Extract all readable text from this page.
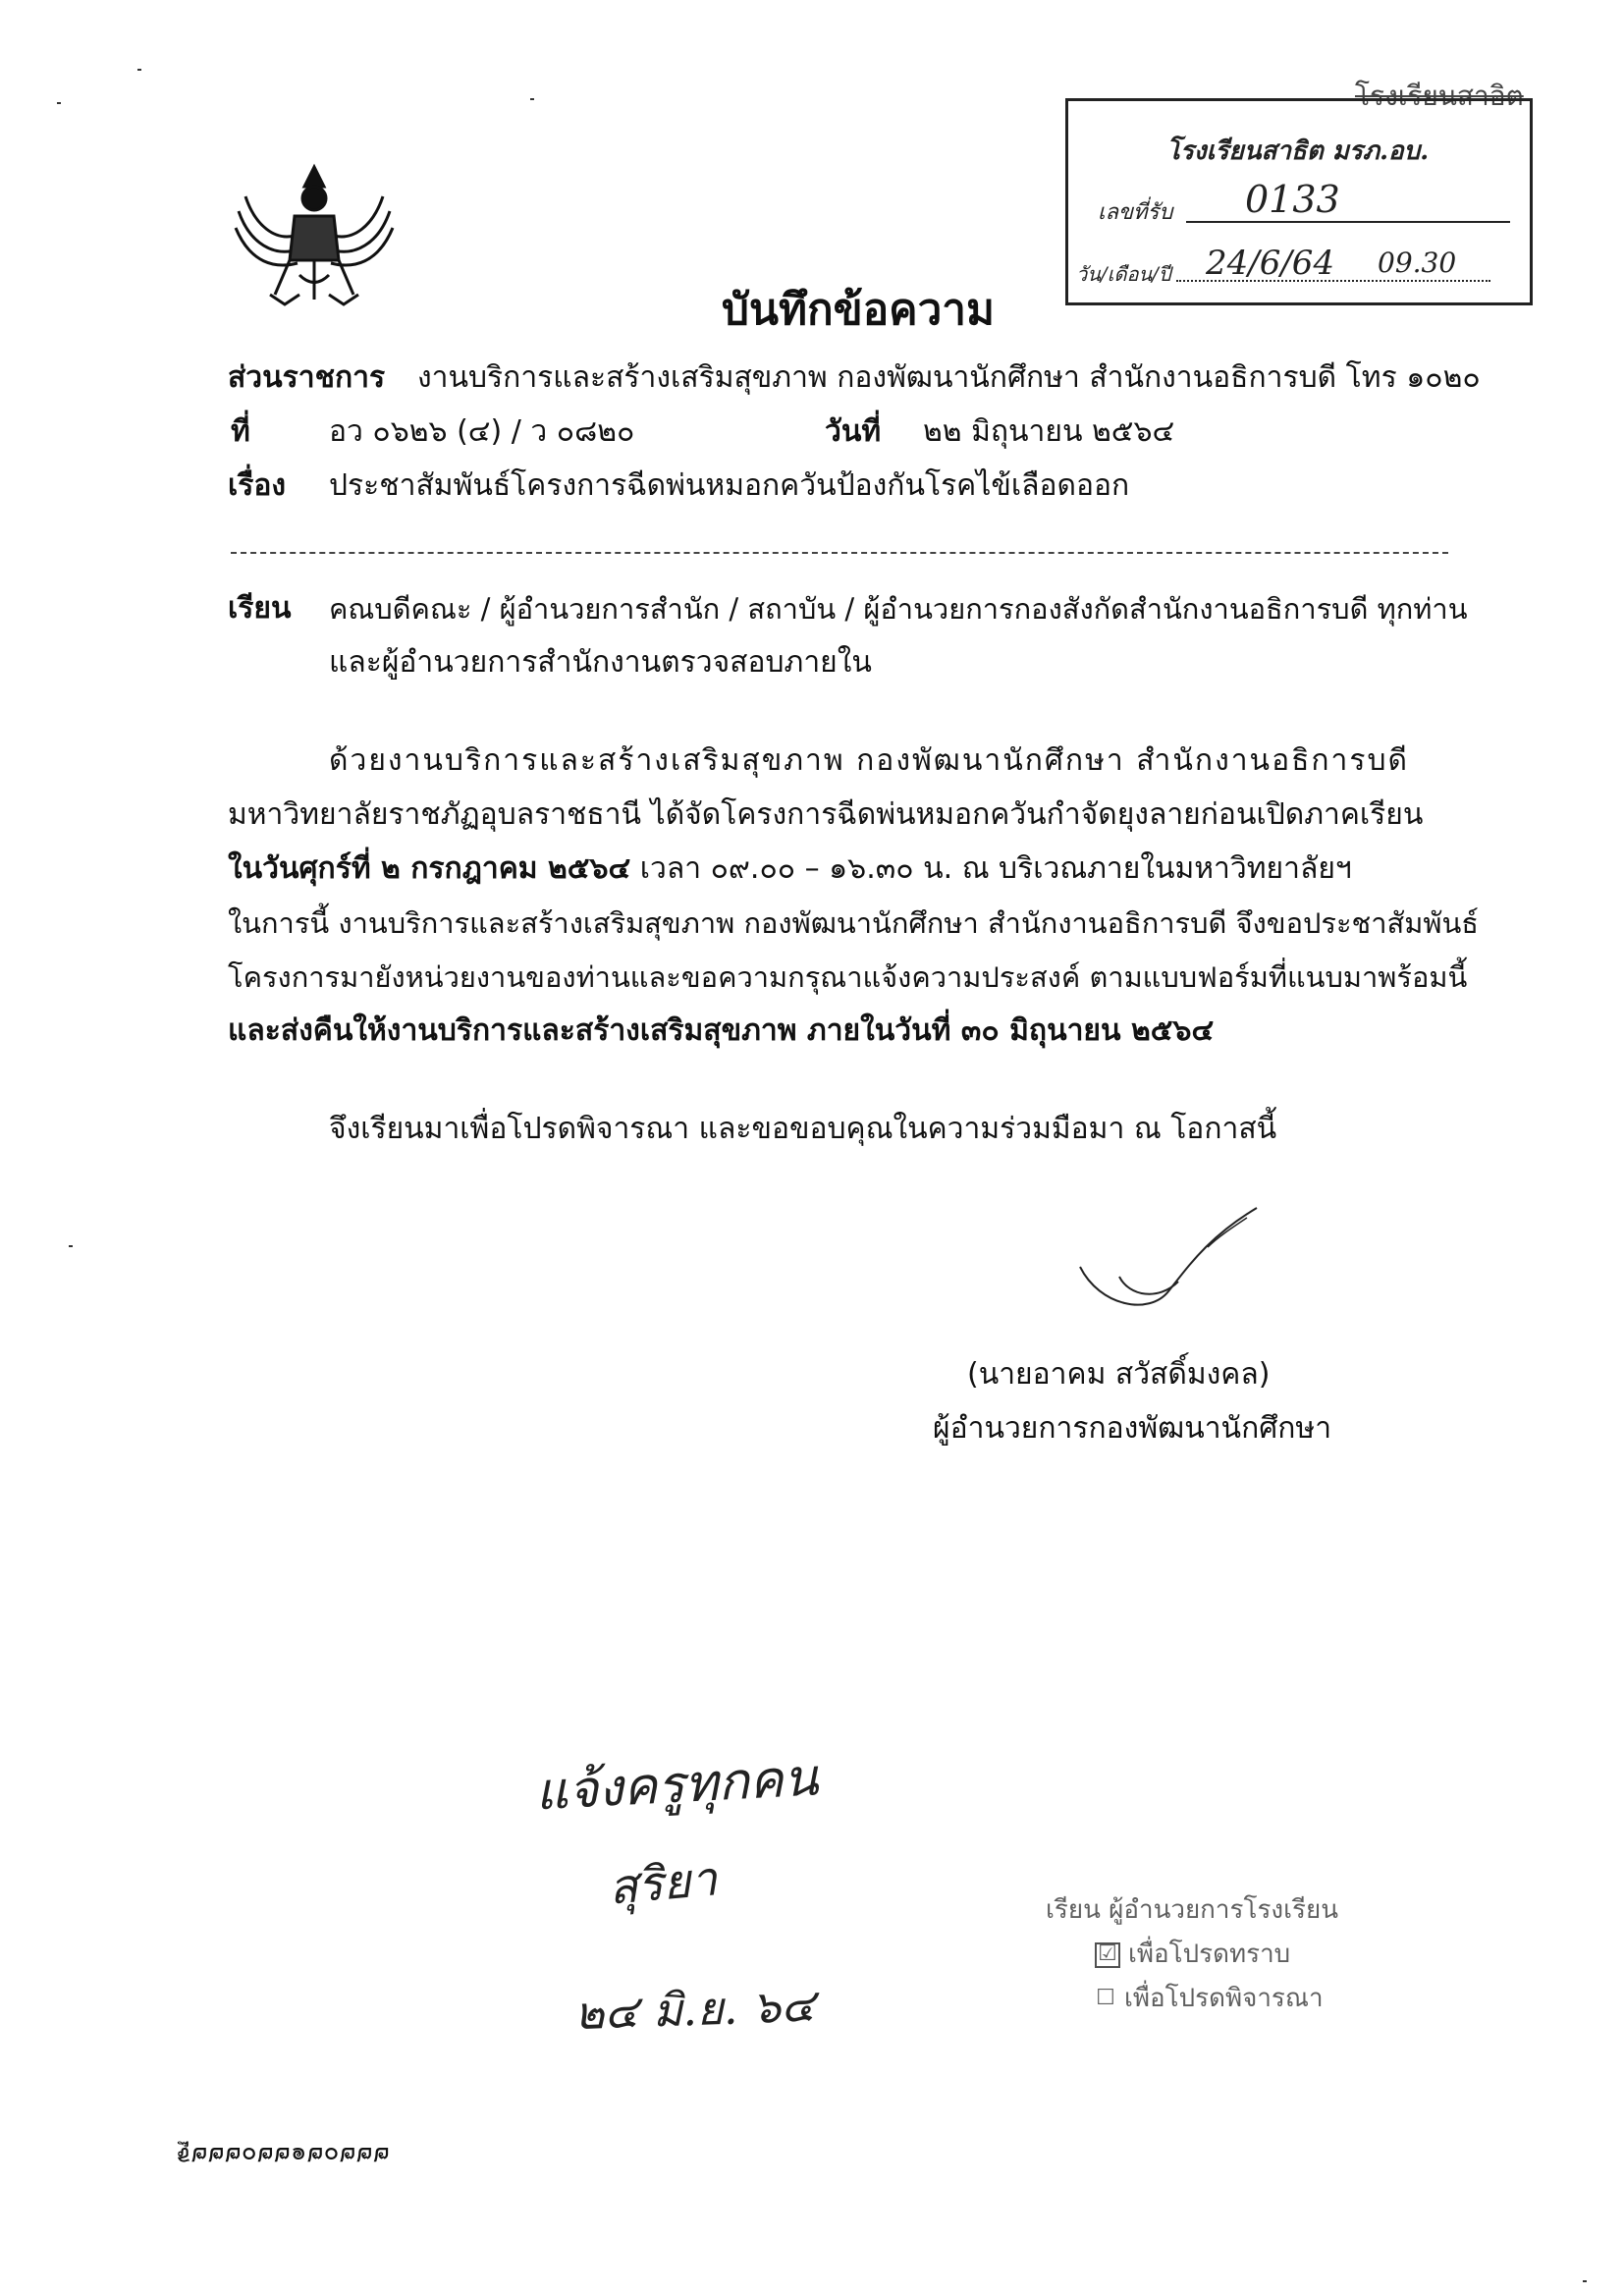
โรงเรียนสาอิต
โรงเรียนสาธิต มรภ.อบ.
เลขที่รับ 0133
วัน/เดือน/ปี 24/6/64 09.30
บันทึกข้อความ
ส่วนราชการ งานบริการและสร้างเสริมสุขภาพ กองพัฒนานักศึกษา สำนักงานอธิการบดี โทร ๑๐๒๐
ที่	อว ๐๖๒๖ (๔) / ว ๐๘๒๐	วันที่ ๒๒ มิถุนายน ๒๕๖๔
เรื่อง ประชาสัมพันธ์โครงการฉีดพ่นหมอกควันป้องกันโรคไข้เลือดออก
เรียน คณบดีคณะ / ผู้อำนวยการสำนัก / สถาบัน / ผู้อำนวยการกองสังกัดสำนักงานอธิการบดี ทุกท่าน
และผู้อำนวยการสำนักงานตรวจสอบภายใน
ด้วยงานบริการและสร้างเสริมสุขภาพ กองพัฒนานักศึกษา สำนักงานอธิการบดี
มหาวิทยาลัยราชภัฏอุบลราชธานี ได้จัดโครงการฉีดพ่นหมอกควันกำจัดยุงลายก่อนเปิดภาคเรียน
ในวันศุกร์ที่ ๒ กรกฎาคม ๒๕๖๔ เวลา ๐๙.๐๐ – ๑๖.๓๐ น. ณ บริเวณภายในมหาวิทยาลัยฯ
ในการนี้ งานบริการและสร้างเสริมสุขภาพ กองพัฒนานักศึกษา สำนักงานอธิการบดี จึงขอประชาสัมพันธ์
โครงการมายังหน่วยงานของท่านและขอความกรุณาแจ้งความประสงค์ ตามแบบฟอร์มที่แนบมาพร้อมนี้
และส่งคืนให้งานบริการและสร้างเสริมสุขภาพ ภายในวันที่ ๓๐ มิถุนายน ๒๕๖๔
จึงเรียนมาเพื่อโปรดพิจารณา และขอขอบคุณในความร่วมมือมา ณ โอกาสนี้
(นายอาคม สวัสดิ์มงคล)
ผู้อำนวยการกองพัฒนานักศึกษา
แจ้งครูทุกคน
สุริยา
๒๔ มิ.ย. ๖๔
เรียน ผู้อำนวยการโรงเรียน
☑ เพื่อโปรดทราบ
☐ เพื่อโปรดพิจารณา
ฐ๒๒๒๐๒๒๑๒๐๒๒๒
